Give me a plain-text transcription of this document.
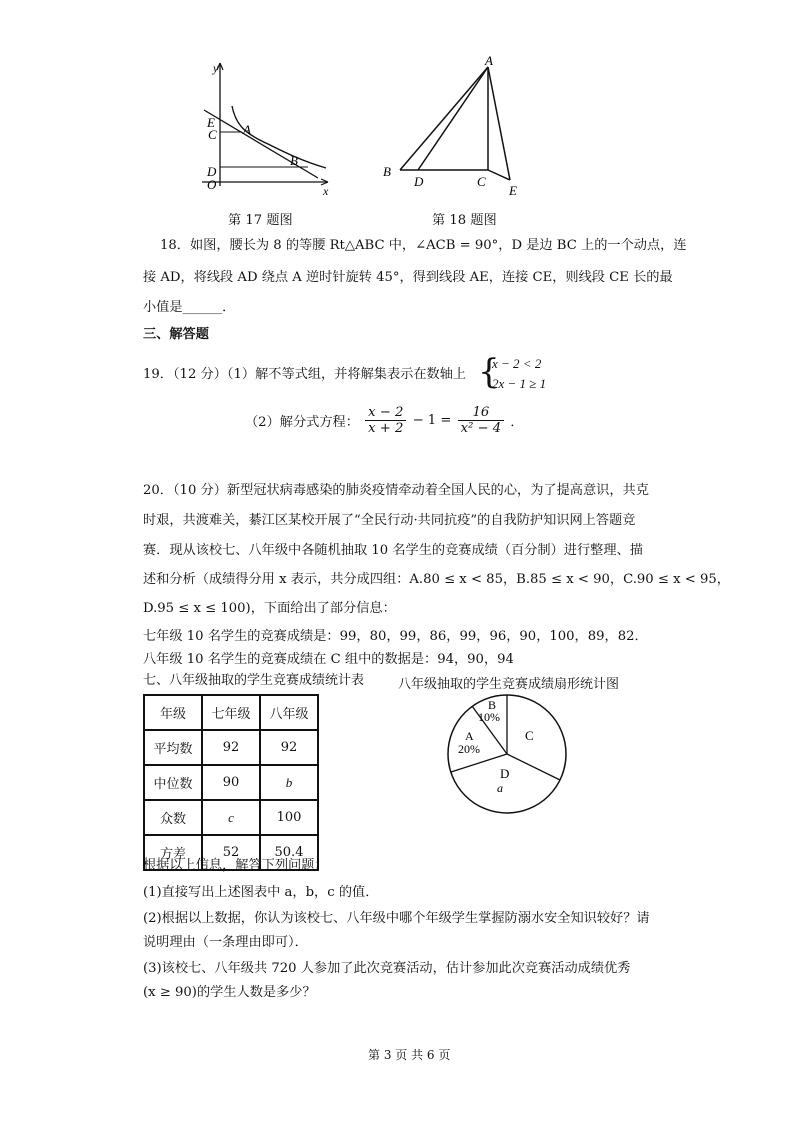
y
x
E
C A
D
O
B
第 17 题图
A
B
D	C
E
第 18 题图
18．如图，腰长为 8 的等腰 Rt△ABC 中，∠ACB = 90°，D 是边 BC 上的一个动点，连
接 AD，将线段 AD 绕点 A 逆时针旋转 45°，得到线段 AE，连接 CE，则线段 CE 长的最
小值是______．
三、解答题
19．（12 分）（1）解不等式组，并将解集表示在数轴上 {
x − 2 < 2
2x − 1 ≥ 1
（2）解分式方程： $\frac{x - 2}{x + 2} - 1 = \frac{16}{\text{x² − 4}}$ ．
20．（10 分）新型冠状病毒感染的肺炎疫情牵动着全国人民的心，为了提高意识，共克
时艰，共渡难关，綦江区某校开展了“全民行动·共同抗疫”的自我防护知识网上答题竞
赛．现从该校七、八年级中各随机抽取 10 名学生的竞赛成绩（百分制）进行整理、描
述和分析（成绩得分用 x 表示，共分成四组：A.80 ≤ x < 85，B.85 ≤ x < 90，C.90 ≤ x < 95，
D.95 ≤ x ≤ 100)，下面给出了部分信息：
七年级 10 名学生的竞赛成绩是：99，80，99，86，99，96，90，100，89，82．
八年级 10 名学生的竞赛成绩在 C 组中的数据是：94，90，94
七、八年级抽取的学生竞赛成绩统计表
年级	七年级	八年级
平均数	92	92
中位数	90	b
众数	c	100
方差	52	50.4
八年级抽取的学生竞赛成绩扇形统计图
B
10%
A
20%
C
D
a
根据以上信息，解答下列问题：
(1)直接写出上述图表中 a，b，c 的值．
(2)根据以上数据，你认为该校七、八年级中哪个年级学生掌握防溺水安全知识较好？请
说明理由（一条理由即可）．
(3)该校七、八年级共 720 人参加了此次竞赛活动，估计参加此次竞赛活动成绩优秀
(x ≥ 90)的学生人数是多少？
第 3 页 共 6 页
